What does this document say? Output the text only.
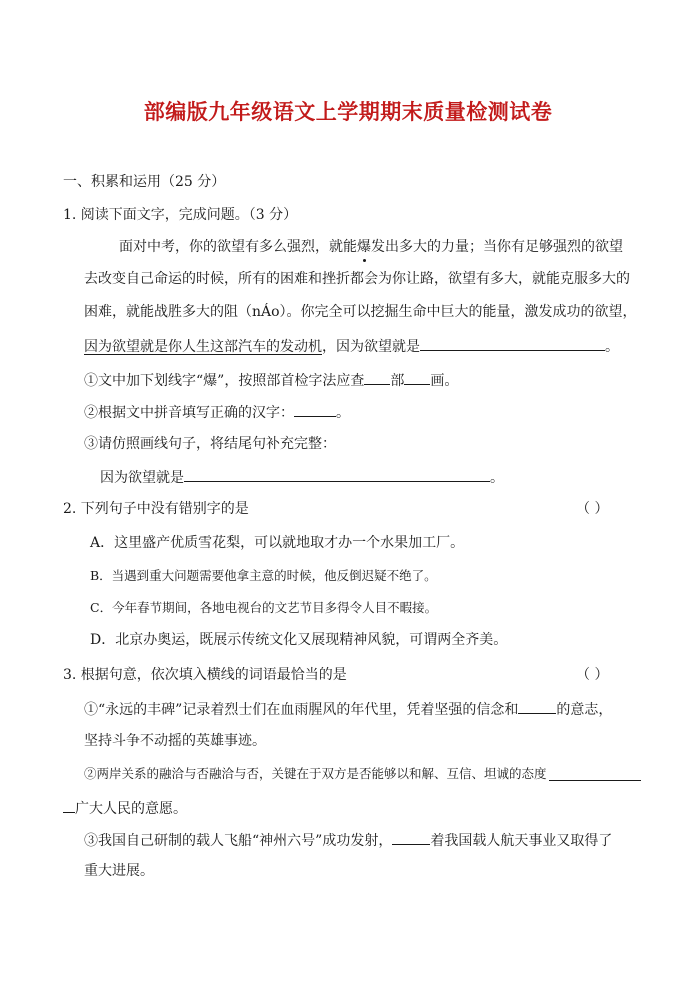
部编版九年级语文上学期期末质量检测试卷
一、积累和运用（25 分）
1. 阅读下面文字，完成问题。（3 分）
面对中考，你的欲望有多么强烈，就能爆发出多大的力量；当你有足够强烈的欲望
去改变自己命运的时候，所有的困难和挫折都会为你让路，欲望有多大，就能克服多大的
困难，就能战胜多大的阻（nÁo）。你完全可以挖掘生命中巨大的能量，激发成功的欲望，
因为欲望就是你人生这部汽车的发动机，因为欲望就是	。
①文中加下划线字“爆”，按照部首检字法应查 部 画。
②根据文中拼音填写正确的汉字：	。
③请仿照画线句子，将结尾句补充完整：
因为欲望就是	。
2. 下列句子中没有错别字的是	（ ）
A．这里盛产优质雪花梨，可以就地取才办一个水果加工厂。
B．当遇到重大问题需要他拿主意的时候，他反倒迟疑不绝了。
C．今年春节期间，各地电视台的文艺节目多得令人目不暇接。
D．北京办奥运，既展示传统文化又展现精神风貌，可谓两全齐美。
3. 根据句意，依次填入横线的词语最恰当的是	（ ）
①“永远的丰碑”记录着烈士们在血雨腥风的年代里，凭着坚强的信念和	的意志，
坚持斗争不动摇的英雄事迹。
②两岸关系的融洽与否融洽与否，关键在于双方是否能够以和解、互信、坦诚的态度
广大人民的意愿。
③我国自己研制的载人飞船“神州六号”成功发射，	着我国载人航天事业又取得了
重大进展。
